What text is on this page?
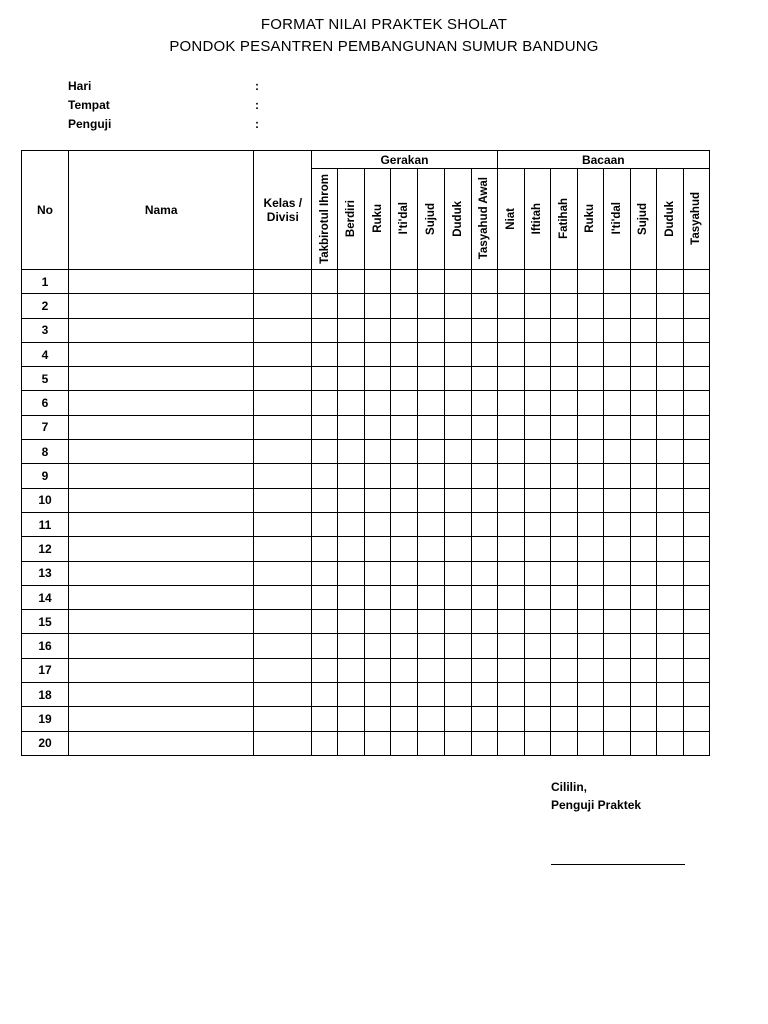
FORMAT NILAI PRAKTEK SHOLAT
PONDOK PESANTREN PEMBANGUNAN SUMUR BANDUNG
Hari	:
Tempat	:
Penguji	:
No	Nama	Kelas / Divisi	Gerakan							Bacaan							
			Takbirotul Ihrom	Berdiri	Ruku	I'ti'dal	Sujud	Duduk	Tasyahud Awal	Niat	Iftitah	Fatihah	Ruku	I'ti'dal	Sujud	Duduk	Tasyahud
1																	
2																	
3																	
4																	
5																	
6																	
7																	
8																	
9																	
10																	
11																	
12																	
13																	
14																	
15																	
16																	
17																	
18																	
19																	
20																	
Cililin,
Penguji Praktek
